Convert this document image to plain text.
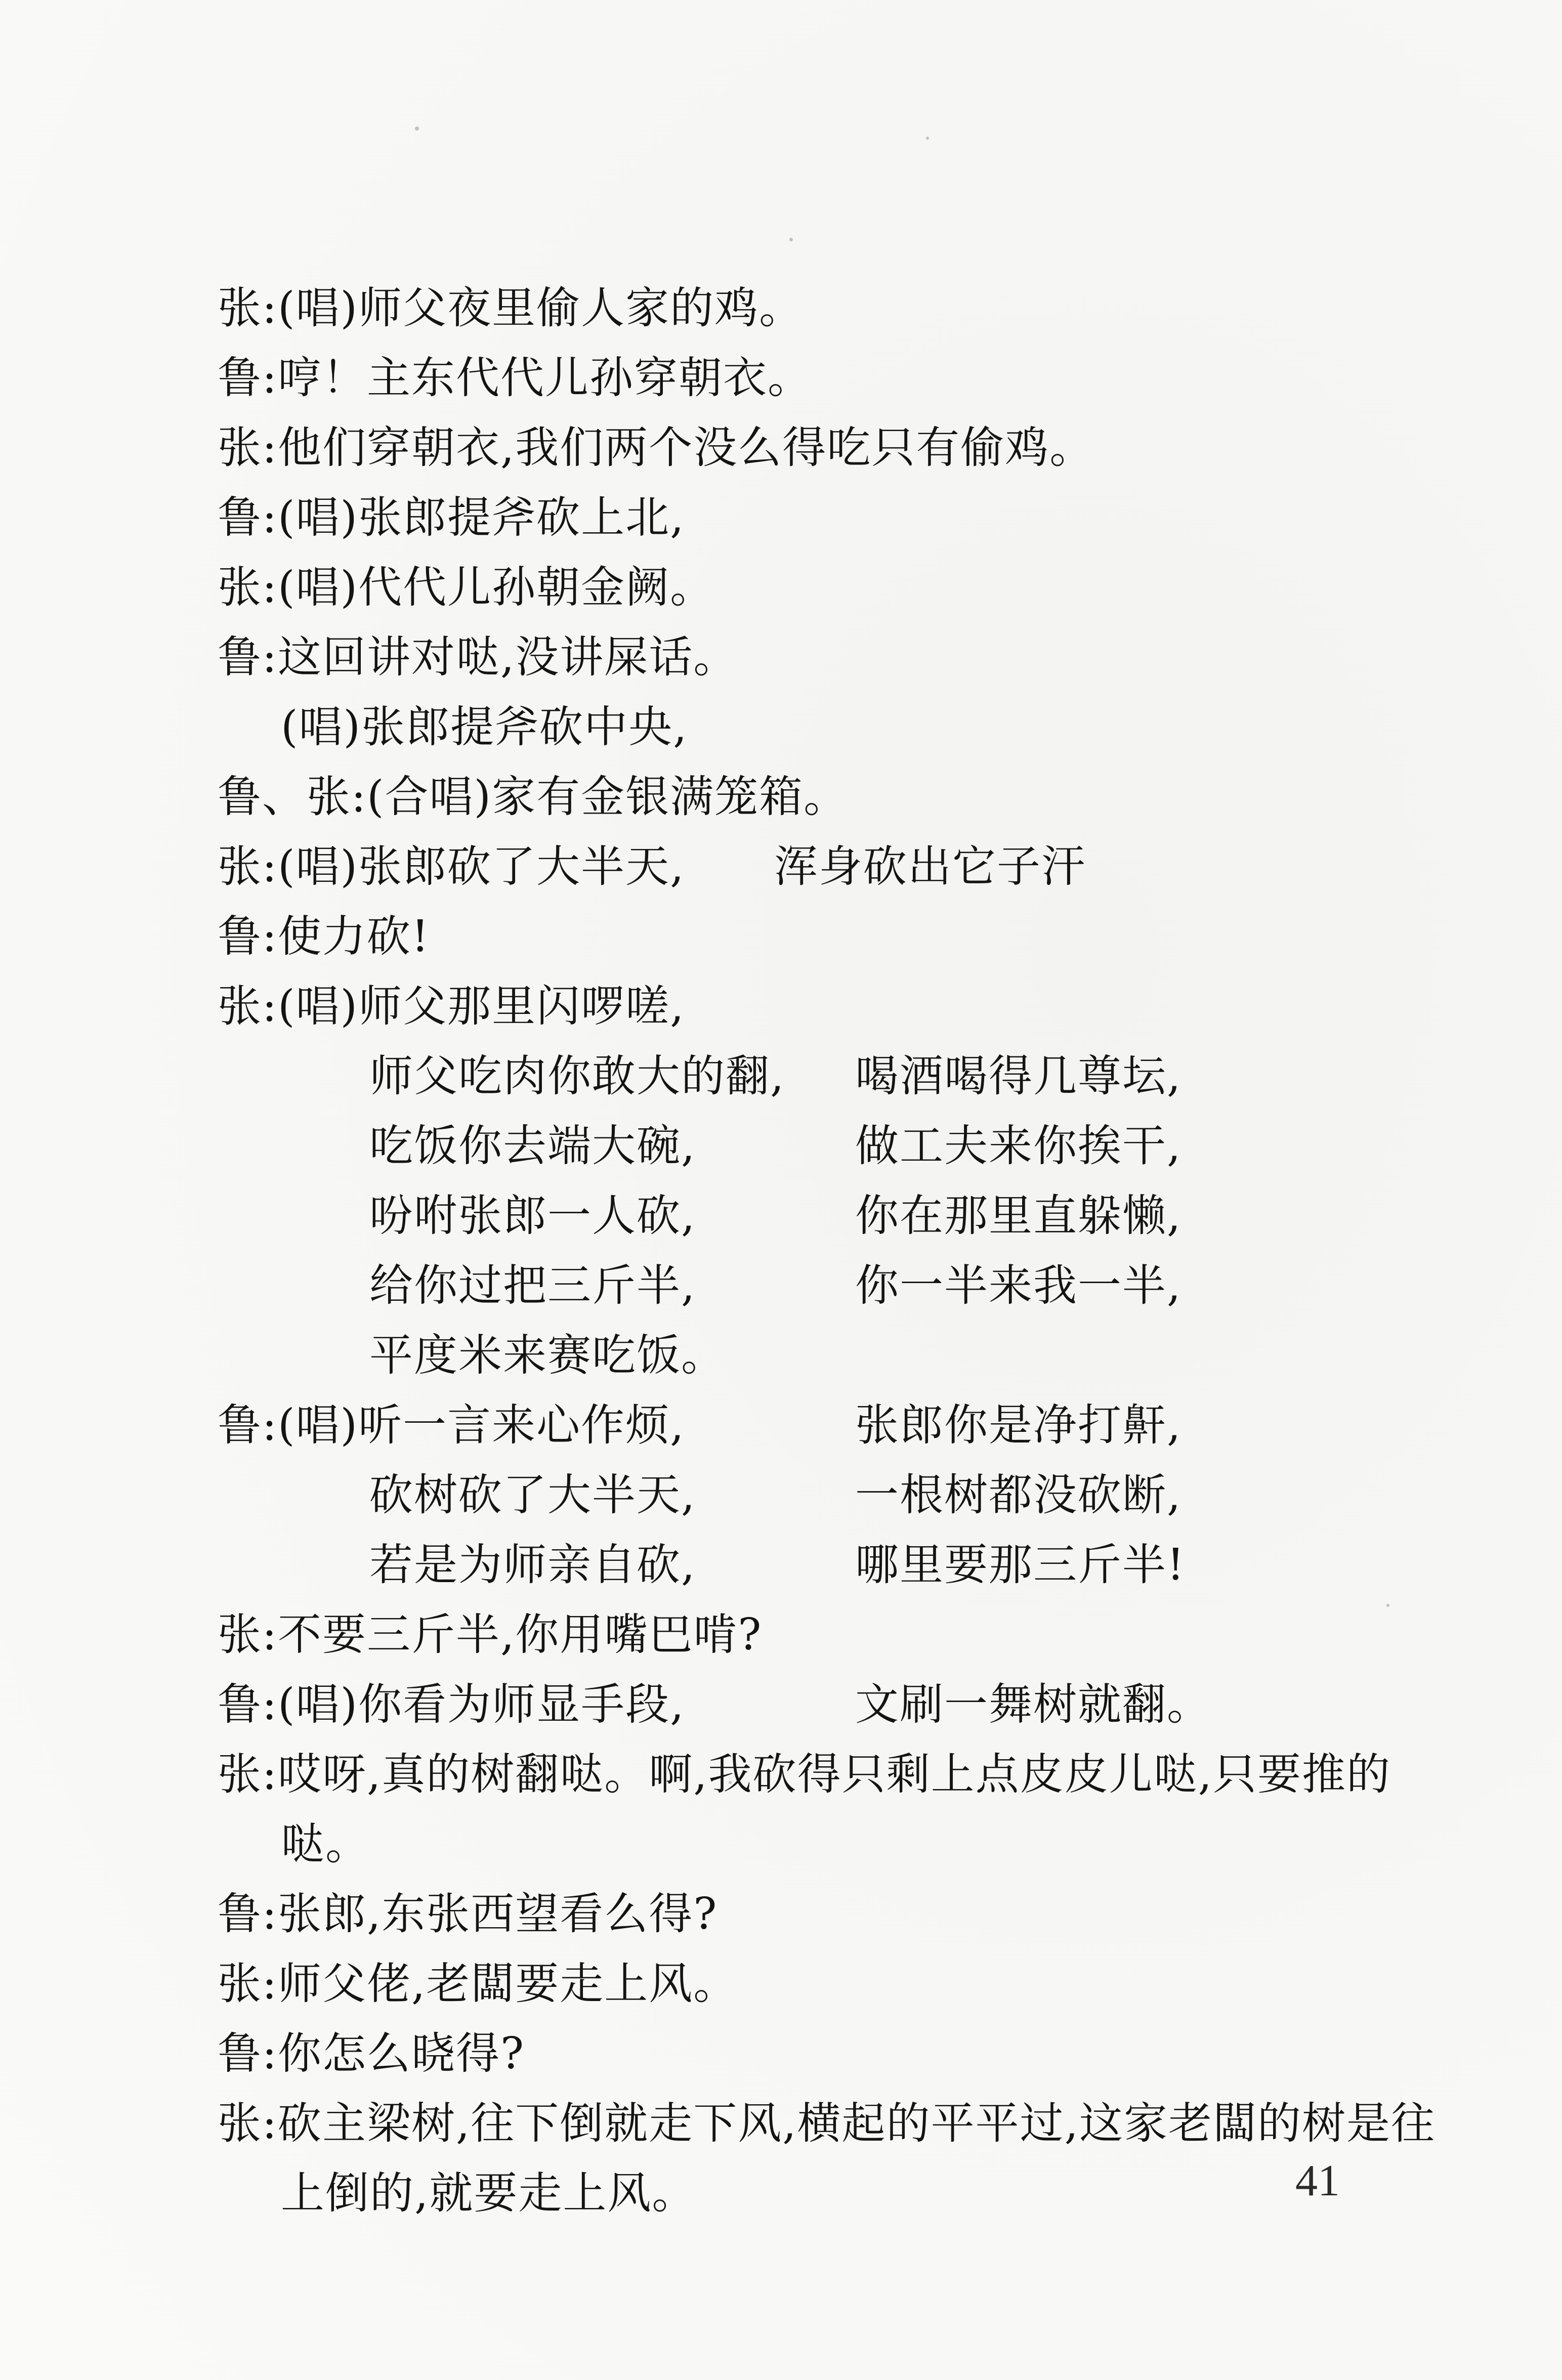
张:(唱)师父夜里偷人家的鸡。
鲁:哼！主东代代儿孙穿朝衣。
张:他们穿朝衣,我们两个没么得吃只有偷鸡。
鲁:(唱)张郎提斧砍上北,
张:(唱)代代儿孙朝金阙。
鲁:这回讲对哒,没讲屎话。
(唱)张郎提斧砍中央,
鲁、张:(合唱)家有金银满笼箱。
张:(唱)张郎砍了大半天, 浑身砍出它子汗
鲁:使力砍!
张:(唱)师父那里闪啰嗟,
师父吃肉你敢大的翻, 喝酒喝得几尊坛,
吃饭你去端大碗,	做工夫来你挨干,
吩咐张郎一人砍,	你在那里直躲懒,
给你过把三斤半,	你一半来我一半,
平度米来赛吃饭。
鲁:(唱)听一言来心作烦,	张郎你是净打鼾,
砍树砍了大半天,	一根树都没砍断,
若是为师亲自砍,	哪里要那三斤半!
张:不要三斤半,你用嘴巴啃?
鲁:(唱)你看为师显手段,	文刷一舞树就翻。
张:哎呀,真的树翻哒。啊,我砍得只剩上点皮皮儿哒,只要推的
哒。
鲁:张郎,东张西望看么得?
张:师父佬,老闆要走上风。
鲁:你怎么晓得?
张:砍主梁树,往下倒就走下风,横起的平平过,这家老闆的树是往
上倒的,就要走上风。	41
